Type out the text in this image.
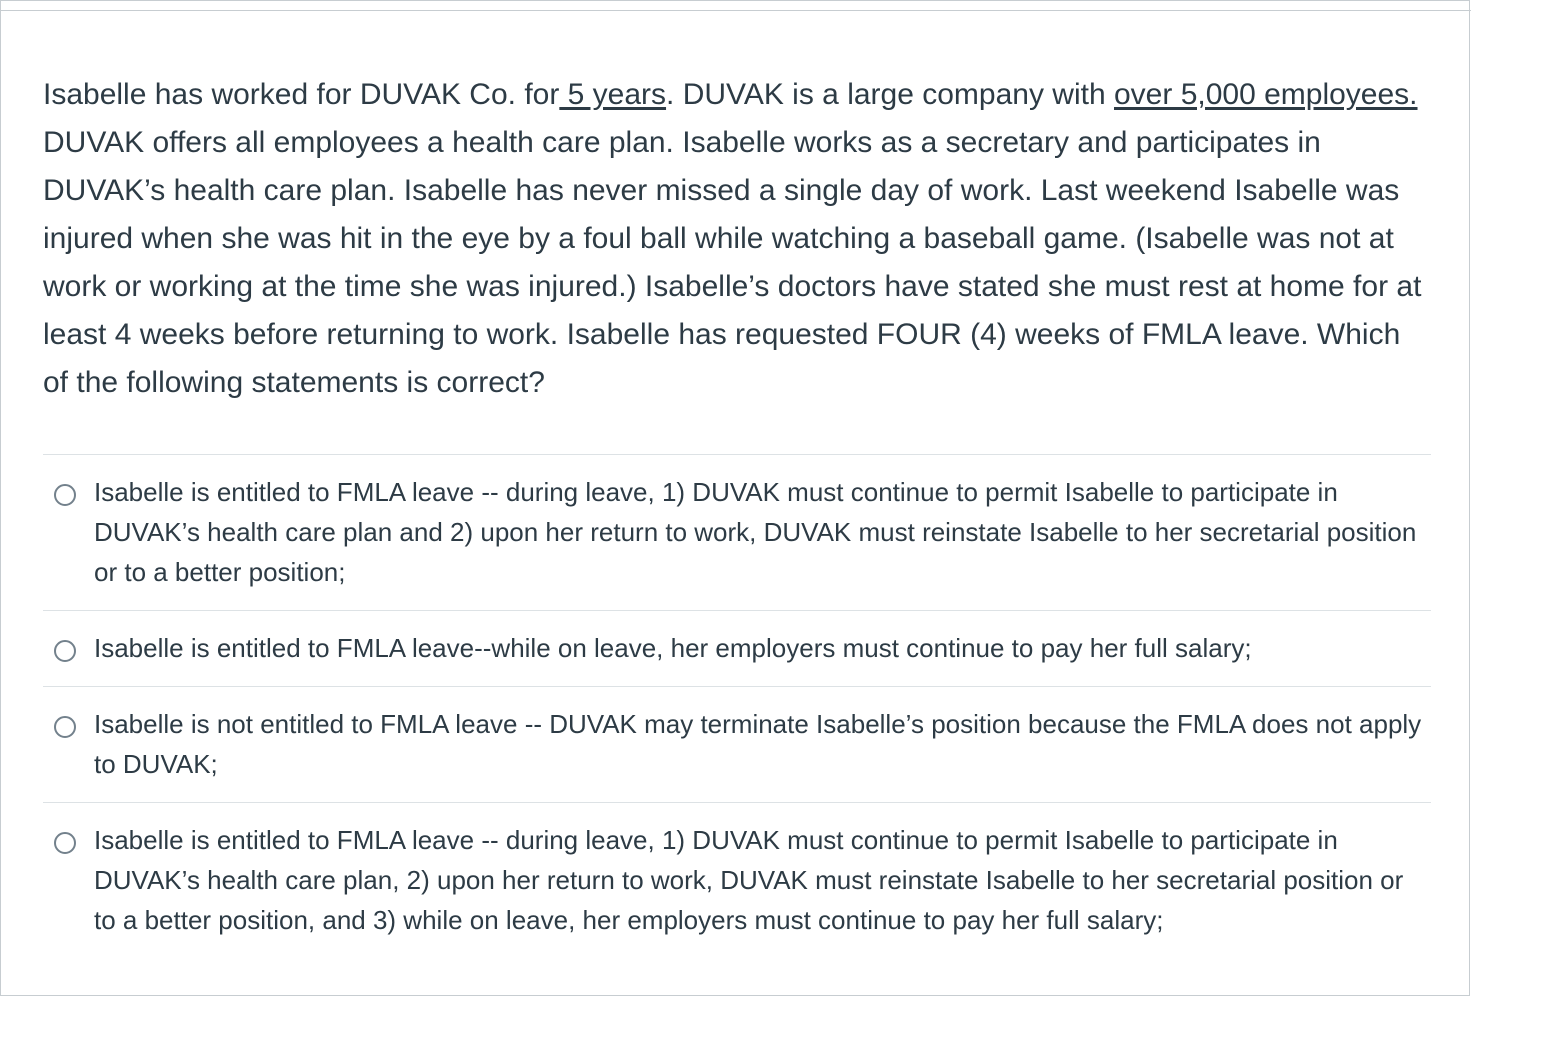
Isabelle has worked for DUVAK Co. for 5 years. DUVAK is a large company with over 5,000 employees. DUVAK offers all employees a health care plan. Isabelle works as a secretary and participates in DUVAK’s health care plan. Isabelle has never missed a single day of work. Last weekend Isabelle was injured when she was hit in the eye by a foul ball while watching a baseball game. (Isabelle was not at work or working at the time she was injured.) Isabelle’s doctors have stated she must rest at home for at least 4 weeks before returning to work. Isabelle has requested FOUR (4) weeks of FMLA leave. Which of the following statements is correct?
Isabelle is entitled to FMLA leave -- during leave, 1) DUVAK must continue to permit Isabelle to participate in DUVAK’s health care plan and 2) upon her return to work, DUVAK must reinstate Isabelle to her secretarial position or to a better position;
Isabelle is entitled to FMLA leave--while on leave, her employers must continue to pay her full salary;
Isabelle is not entitled to FMLA leave -- DUVAK may terminate Isabelle’s position because the FMLA does not apply to DUVAK;
Isabelle is entitled to FMLA leave -- during leave, 1) DUVAK must continue to permit Isabelle to participate in DUVAK’s health care plan, 2) upon her return to work, DUVAK must reinstate Isabelle to her secretarial position or to a better position, and 3) while on leave, her employers must continue to pay her full salary;
